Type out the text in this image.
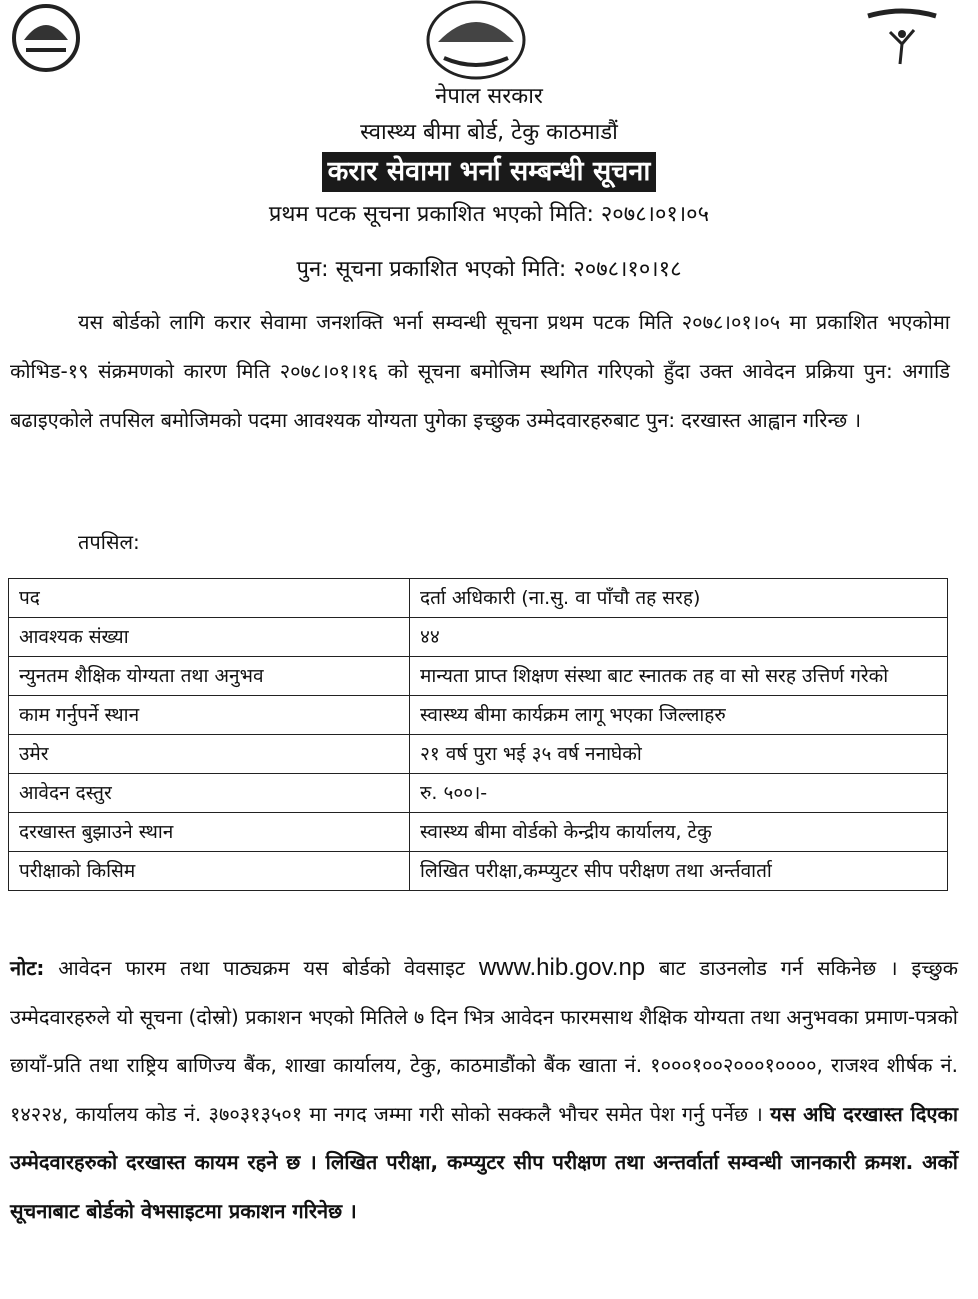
नेपाल सरकार
स्वास्थ्य बीमा बोर्ड, टेकु काठमाडौं
करार सेवामा भर्ना सम्बन्धी सूचना
प्रथम पटक सूचना प्रकाशित भएको मिति: २०७८।०१।०५
पुन: सूचना प्रकाशित भएको मिति: २०७८।१०।१८
यस बोर्डको लागि करार सेवामा जनशक्ति भर्ना सम्वन्धी सूचना प्रथम पटक मिति २०७८।०१।०५ मा प्रकाशित भएकोमा कोभिड-१९ संक्रमणको कारण मिति २०७८।०१।१६ को सूचना बमोजिम स्थगित गरिएको हुँदा उक्त आवेदन प्रक्रिया पुन: अगाडि बढाइएकोले तपसिल बमोजिमको पदमा आवश्यक योग्यता पुगेका इच्छुक उम्मेदवारहरुबाट पुन: दरखास्त आह्वान गरिन्छ ।
तपसिल:
पद	दर्ता अधिकारी (ना.सु. वा पाँचौ तह सरह)
आवश्यक संख्या	४४
न्युनतम शैक्षिक योग्यता तथा अनुभव	मान्यता प्राप्त शिक्षण संस्था बाट स्नातक तह वा सो सरह उत्तिर्ण गरेको
काम गर्नुपर्ने स्थान	स्वास्थ्य बीमा कार्यक्रम लागू भएका जिल्लाहरु
उमेर	२१ वर्ष पुरा भई ३५ वर्ष ननाघेको
आवेदन दस्तुर	रु. ५००।-
दरखास्त बुझाउने स्थान	स्वास्थ्य बीमा वोर्डको केन्द्रीय कार्यालय, टेकु
परीक्षाको किसिम	लिखित परीक्षा,कम्प्युटर सीप परीक्षण तथा अर्न्तवार्ता
नोट: आवेदन फारम तथा पाठ्यक्रम यस बोर्डको वेवसाइट www.hib.gov.np बाट डाउनलोड गर्न सकिनेछ । इच्छुक उम्मेदवारहरुले यो सूचना (दोस्रो) प्रकाशन भएको मितिले ७ दिन भित्र आवेदन फारमसाथ शैक्षिक योग्यता तथा अनुभवका प्रमाण-पत्रको छायाँ-प्रति तथा राष्ट्रिय बाणिज्य बैंक, शाखा कार्यालय, टेकु, काठमाडौंको बैंक खाता नं. १०००१००२०००१००००, राजश्व शीर्षक नं. १४२२४, कार्यालय कोड नं. ३७०३१३५०१ मा नगद जम्मा गरी सोको सक्कलै भौचर समेत पेश गर्नु पर्नेछ । यस अघि दरखास्त दिएका उम्मेदवारहरुको दरखास्त कायम रहने छ । लिखित परीक्षा, कम्प्युटर सीप परीक्षण तथा अन्तर्वार्ता सम्वन्धी जानकारी क्रमश. अर्को सूचनाबाट बोर्डको वेभसाइटमा प्रकाशन गरिनेछ ।
